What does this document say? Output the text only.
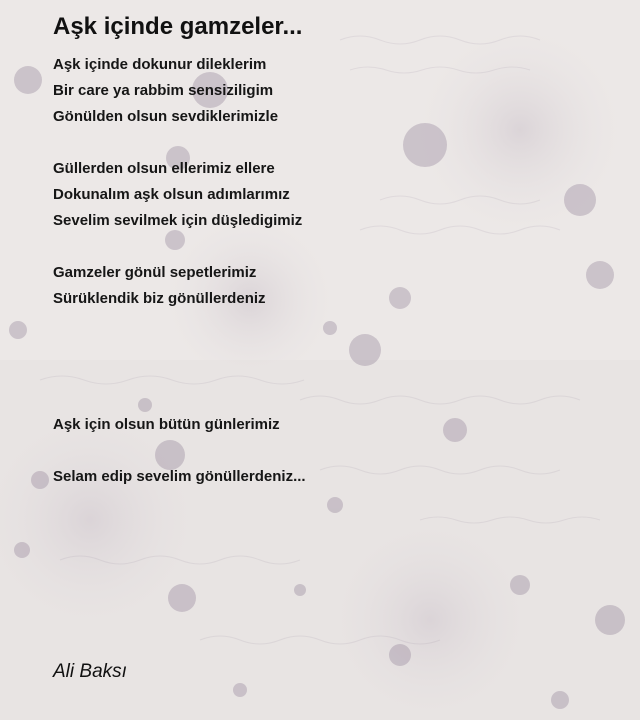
Aşk içinde gamzeler...
Aşk içinde dokunur dileklerim
Bir care ya rabbim sensiziligim
Gönülden olsun sevdiklerimizle
Güllerden olsun ellerimiz ellere
Dokunalım aşk olsun adımlarımız
Sevelim sevilmek için düşledigimiz
Gamzeler gönül sepetlerimiz
Sürüklendik biz gönüllerdeniz
Aşk için olsun bütün günlerimiz
Selam edip sevelim gönüllerdeniz...
Ali Baksı
